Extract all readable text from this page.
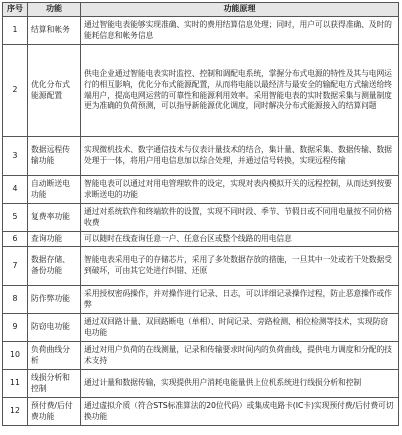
序号	功能	功能原理
1	结算和帐务	通过智能电表能够实现准确、实时的费用结算信息处理；同时，用户可以获得准确、及时的能耗信息和帐务信息
2	优化分布式能源配置	供电企业通过智能电表实时监控、控制和调配电系统，掌握分布式电源的特性及其与电网运行的相互影响，优化分布式能源配置，从而将电能以最经济与最安全的输配电方式输送给终端用户，提高电网运营的可靠性和能源利用效率。采用智能电表的实时数据采集与测量制度更为准确的负荷预测，可以指导新能源优化调度，同时解决分布式能源接入的结算问题
3	数据远程传输功能	实现微机技术、数字通信技术与仪表计量技术的结合，集计量、数据采集、数据传输、数据处理于一体，将用户用电信息加以综合处理，并通过信号转换，实现远程传输
4	自动断送电功能	智能电表可以通过对用电管理软件的设定，实现对表内模拟开关的远程控制，从而达到按要求断送电的功能
5	复费率功能	通过对系统软件和终端软件的设置，实现不同时段、季节、节假日或不同用电量按不同价格收费
6	查询功能	可以随时在线查询任意一户、任意台区或整个线路的用电信息
7	数据存储、备份功能	智能电表采用电子的存储芯片，采用了多处数据存放的措施，一旦其中一处或若干处数据受到破坏，可由其它处进行纠错、还原
8	防作弊功能	采用授权密码操作，并对操作进行记录、日志，可以详细记录操作过程，防止恶意操作或作弊
9	防窃电功能	通过双回路计量、双回路断电（单相）、时间记录、旁路检测、相位检测等技术，实现防窃电功能
10	负荷曲线分析	通过对用户负荷的在线测量，记录和传输要求时间内的负荷曲线，提供电力调度和分配的技术支持
11	线损分析和控制	通过计量和数据传输，实现提供用户消耗电能量供上位机系统进行线损分析和控制
12	预付费/后付费功能	通过虚拟介质（符合STS标准算法的20位代码）或集成电路卡(IC卡)实现预付费/后付费可切换功能
